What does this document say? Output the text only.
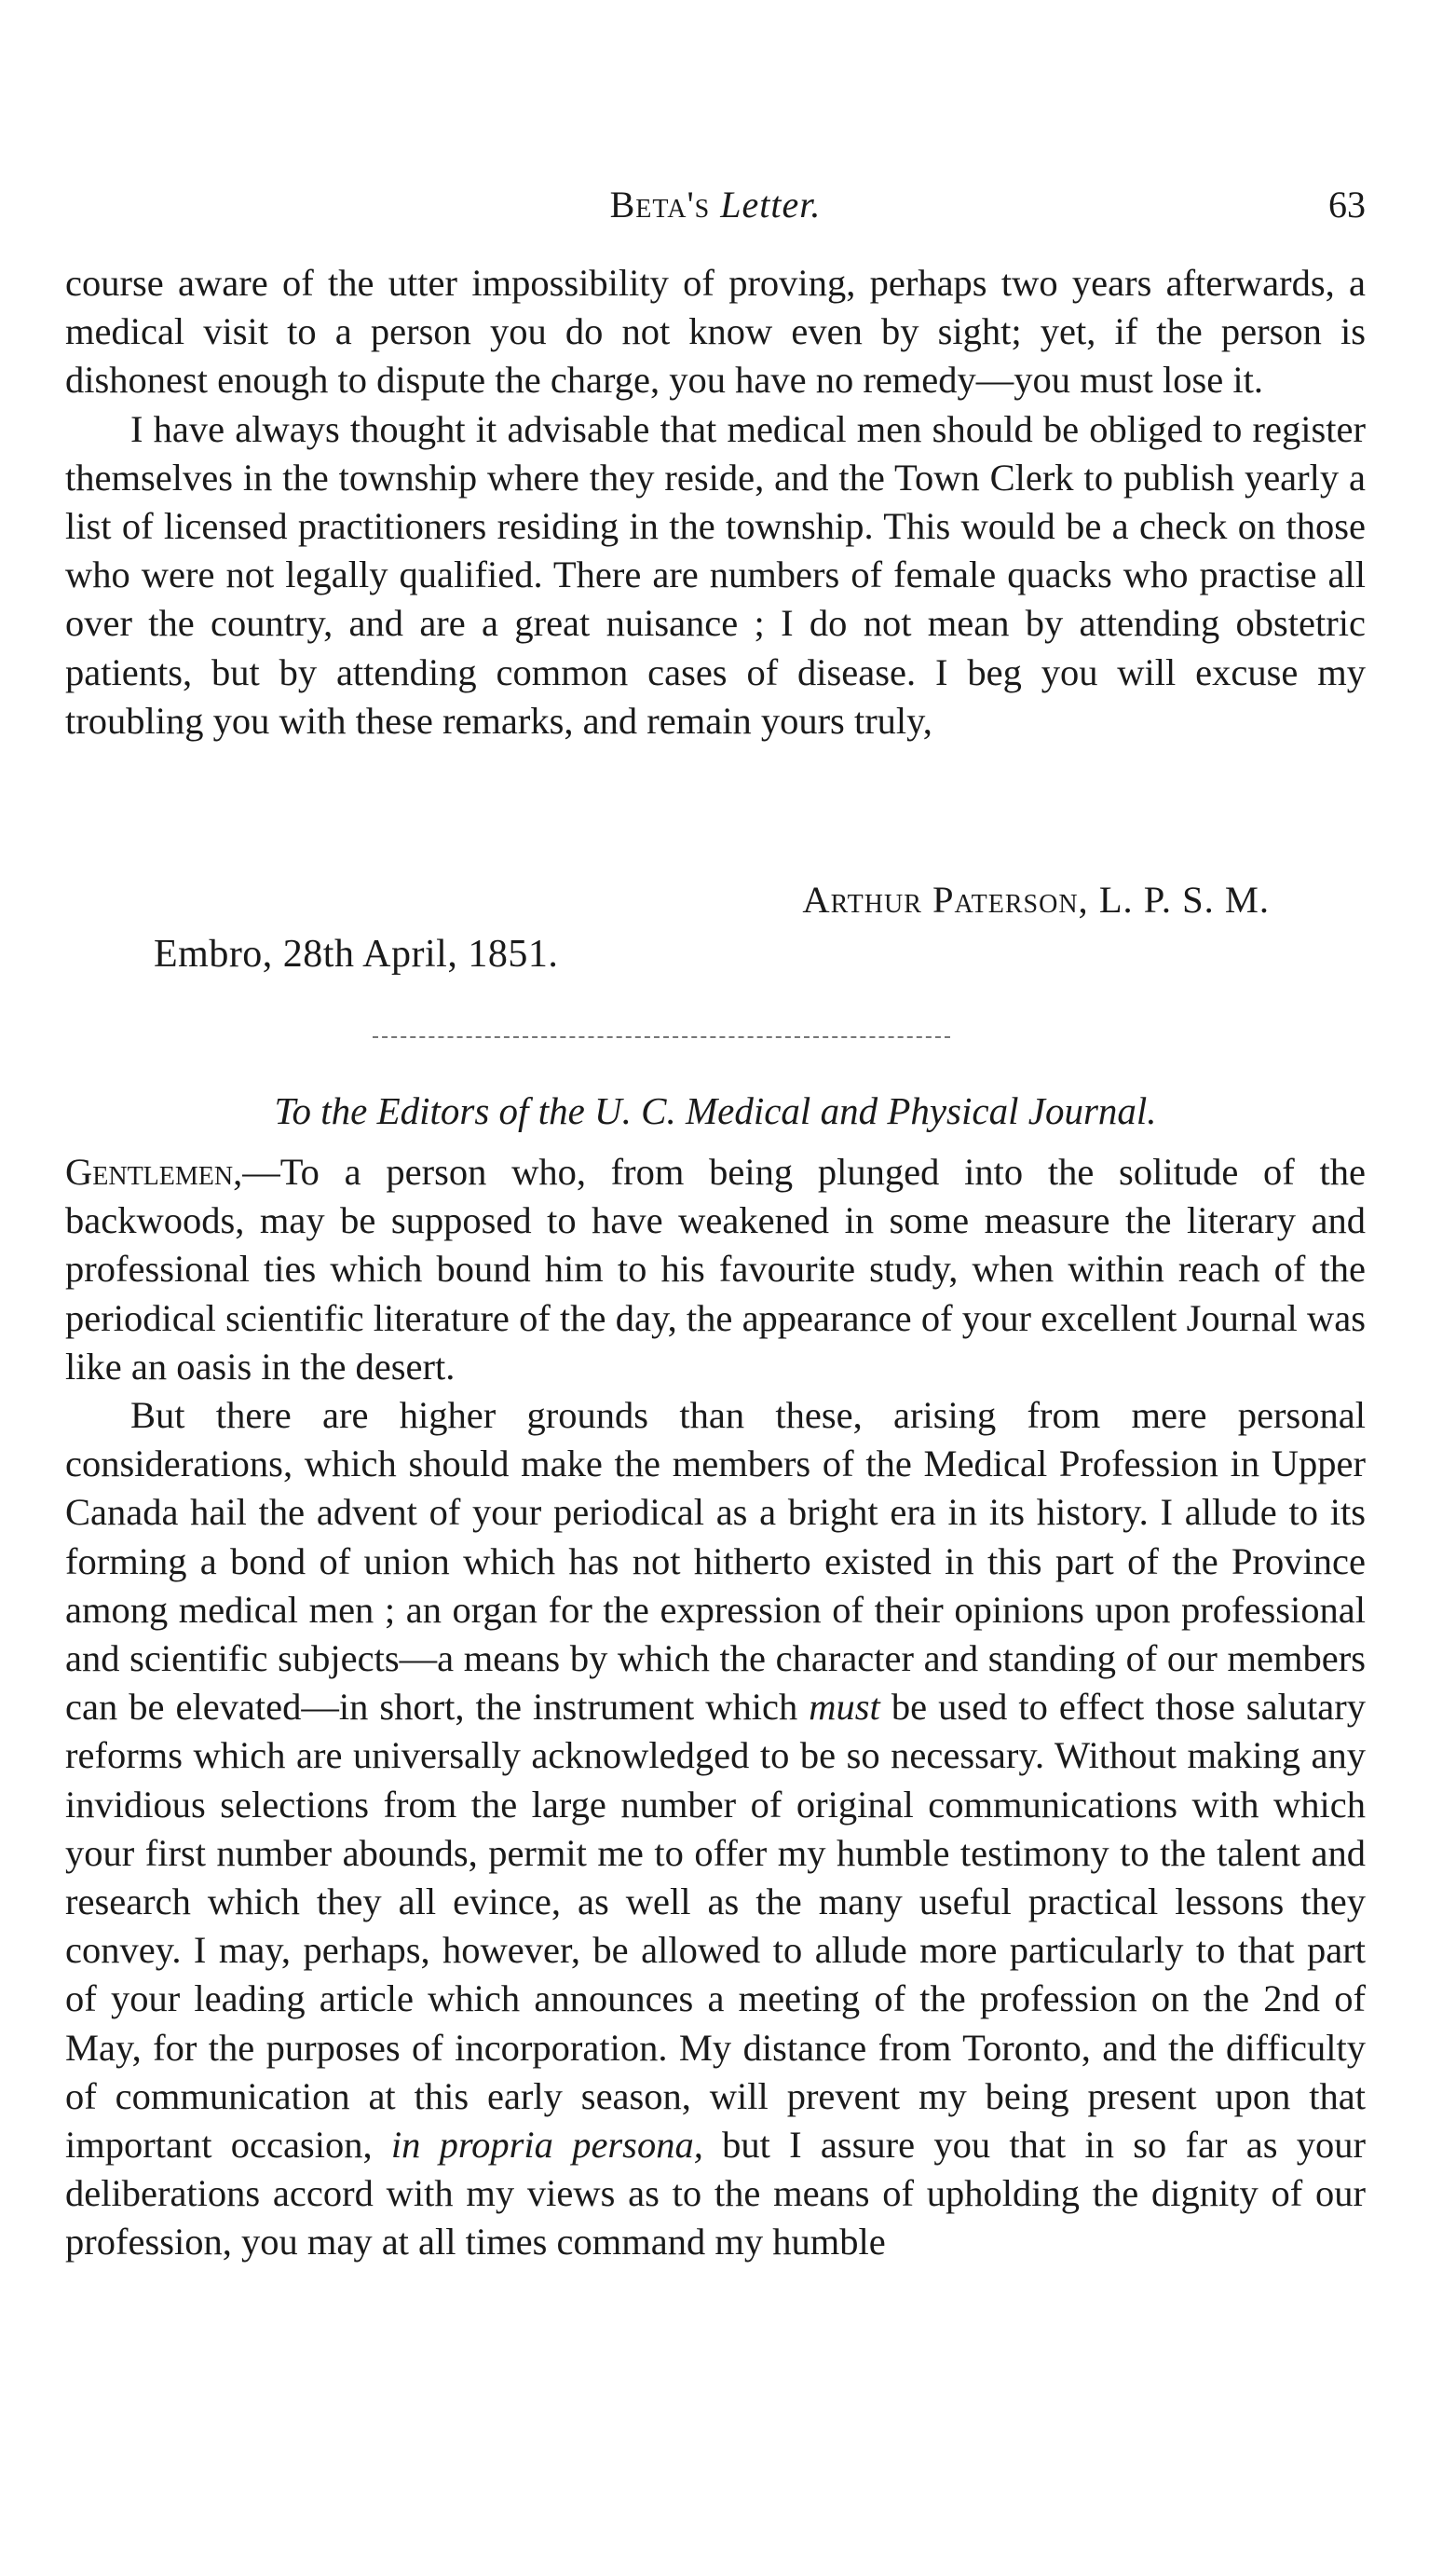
Beta's Letter.	63

course aware of the utter impossibility of proving, perhaps two years afterwards, a medical visit to a person you do not know even by sight; yet, if the person is dishonest enough to dispute the charge, you have no remedy—you must lose it.

I have always thought it advisable that medical men should be obliged to register themselves in the township where they reside, and the Town Clerk to publish yearly a list of licensed practitioners residing in the township. This would be a check on those who were not legally qualified. There are numbers of female quacks who practise all over the country, and are a great nuisance ; I do not mean by attending obstetric patients, but by attending common cases of disease. I beg you will excuse my troubling you with these remarks, and remain yours truly,

Arthur Paterson, L. P. S. M.
Embro, 28th April, 1851.
To the Editors of the U. C. Medical and Physical Journal.

Gentlemen,—To a person who, from being plunged into the solitude of the backwoods, may be supposed to have weakened in some measure the literary and professional ties which bound him to his favourite study, when within reach of the periodical scientific literature of the day, the appearance of your excellent Journal was like an oasis in the desert.

But there are higher grounds than these, arising from mere personal considerations, which should make the members of the Medical Profession in Upper Canada hail the advent of your periodical as a bright era in its history. I allude to its forming a bond of union which has not hitherto existed in this part of the Province among medical men ; an organ for the expression of their opinions upon professional and scientific subjects—a means by which the character and standing of our members can be elevated—in short, the instrument which must be used to effect those salutary reforms which are universally acknowledged to be so necessary. Without making any invidious selections from the large number of original communications with which your first number abounds, permit me to offer my humble testimony to the talent and research which they all evince, as well as the many useful practical lessons they convey. I may, perhaps, however, be allowed to allude more particularly to that part of your leading article which announces a meeting of the profession on the 2nd of May, for the purposes of incorporation. My distance from Toronto, and the difficulty of communication at this early season, will prevent my being present upon that important occasion, in propria persona, but I assure you that in so far as your deliberations accord with my views as to the means of upholding the dignity of our profession, you may at all times command my humble
